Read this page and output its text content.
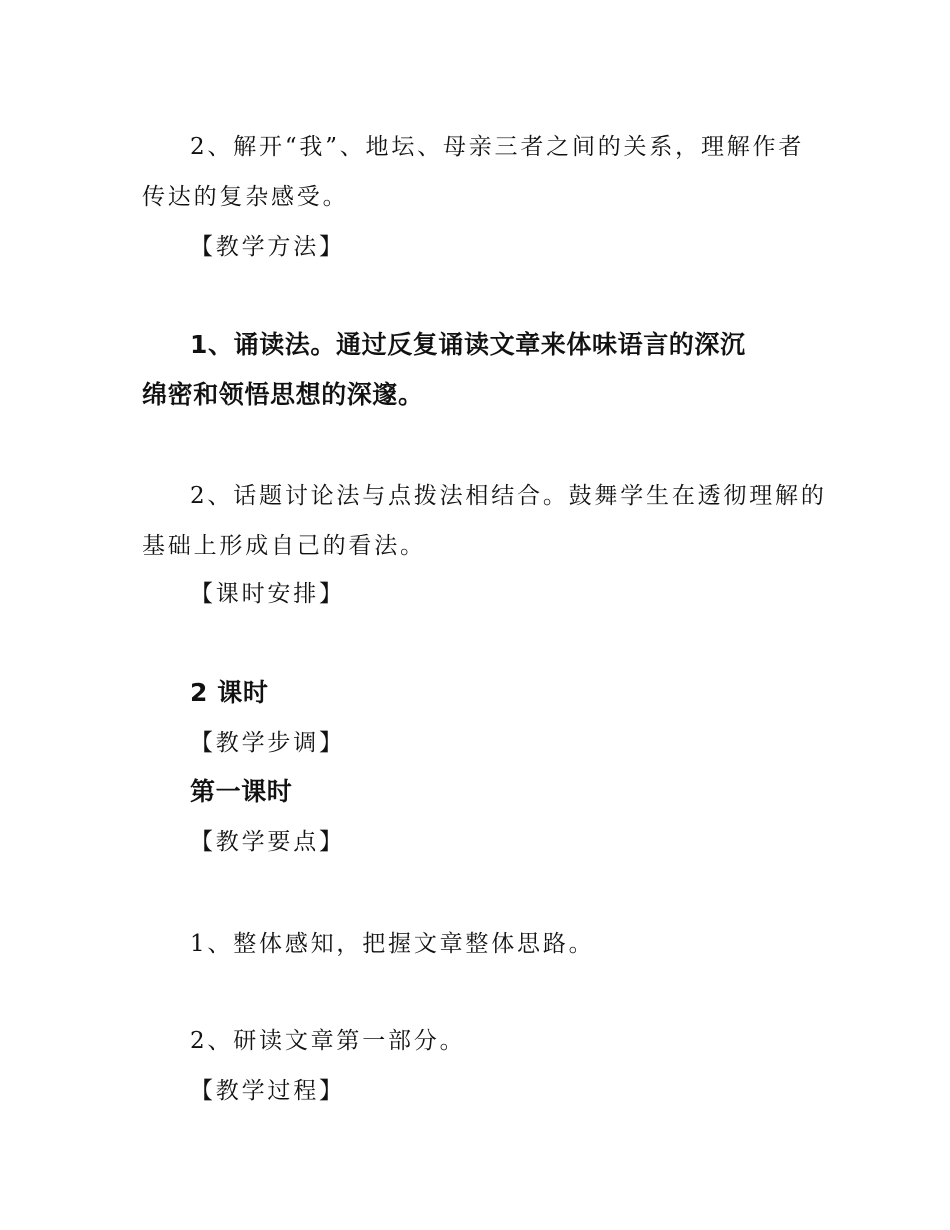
2、解开“我”、地坛、母亲三者之间的关系，理解作者
传达的复杂感受。
【教学方法】
1、诵读法。通过反复诵读文章来体味语言的深沉
绵密和领悟思想的深邃。
2、话题讨论法与点拨法相结合。鼓舞学生在透彻理解的
基础上形成自己的看法。
【课时安排】
2 课时
【教学步调】
第一课时
【教学要点】
1、整体感知，把握文章整体思路。
2、研读文章第一部分。
【教学过程】
